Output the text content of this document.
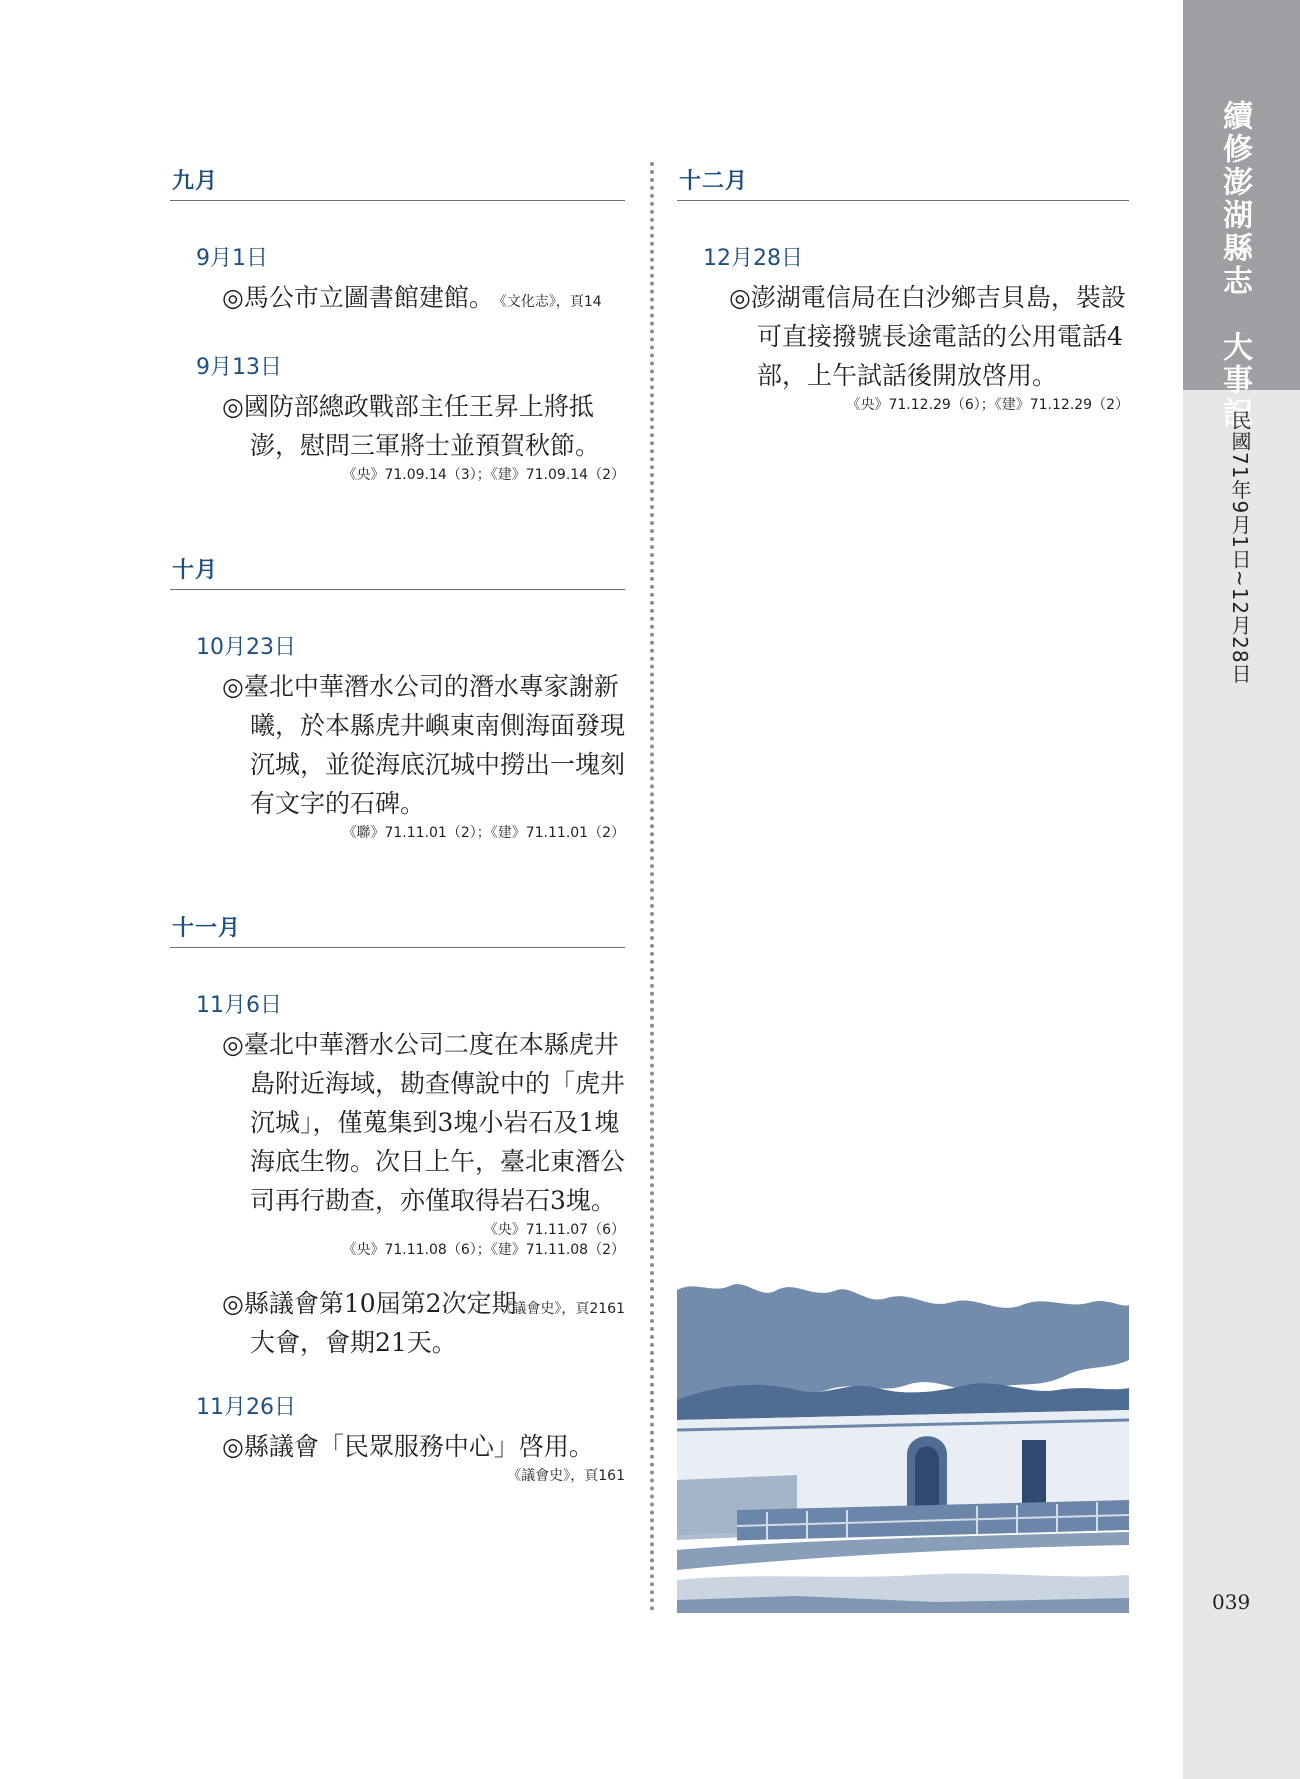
九月
9月1日
◎馬公市立圖書館建館。 《文化志》，頁14
9月13日
◎國防部總政戰部主任王昇上將抵澎，慰問三軍將士並預賀秋節。
《央》71.09.14（3）；《建》71.09.14（2）
十月
10月23日
◎臺北中華潛水公司的潛水專家謝新曦，於本縣虎井嶼東南側海面發現沉城，並從海底沉城中撈出一塊刻有文字的石碑。
《聯》71.11.01（2）；《建》71.11.01（2）
十一月
11月6日
◎臺北中華潛水公司二度在本縣虎井島附近海域，勘查傳說中的「虎井沉城」，僅蒐集到3塊小岩石及1塊海底生物。次日上午，臺北東潛公司再行勘查，亦僅取得岩石3塊。
《央》71.11.07（6）
《央》71.11.08（6）；《建》71.11.08（2）
《議會史》，頁2161
◎縣議會第10屆第2次定期大會，會期21天。
11月26日
◎縣議會「民眾服務中心」啓用。
《議會史》，頁161
十二月
12月28日
◎澎湖電信局在白沙鄉吉貝島，裝設可直接撥號長途電話的公用電話4部，上午試話後開放啓用。
《央》71.12.29（6）；《建》71.12.29（2）	續修澎湖縣志　大事記
民國71年9月1日~12月28日
039
